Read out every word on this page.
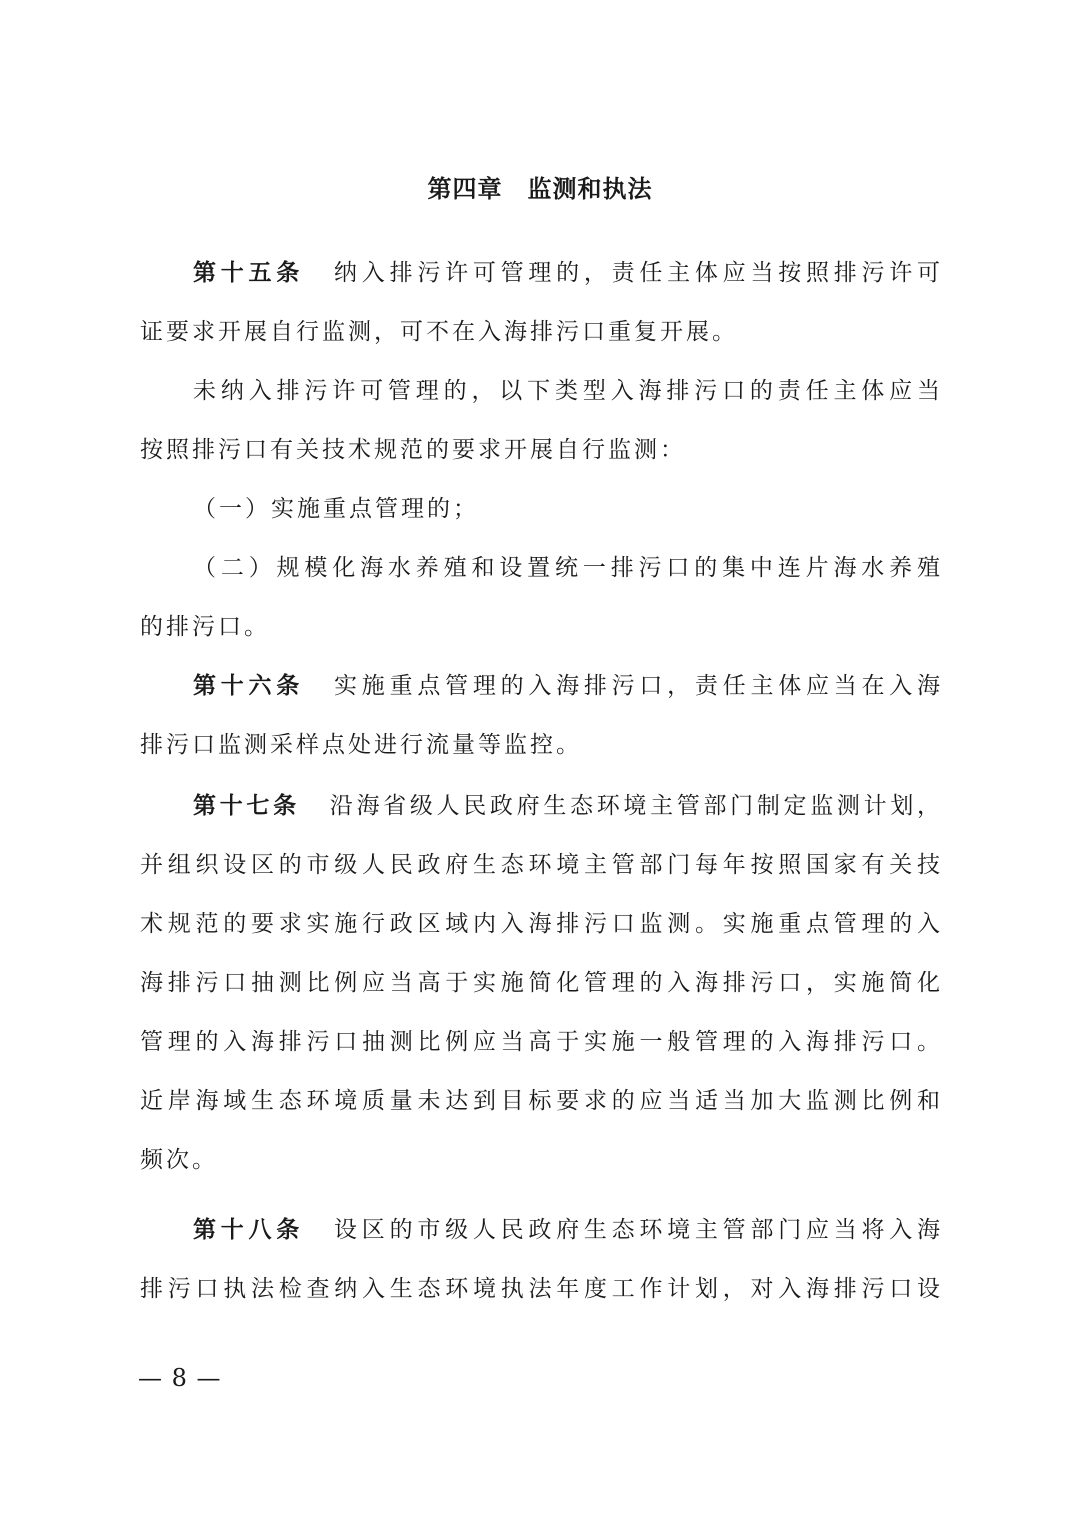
第四章　监测和执法
第十五条 纳入排污许可管理的，责任主体应当按照排污许可
证要求开展自行监测，可不在入海排污口重复开展。
未纳入排污许可管理的，以下类型入海排污口的责任主体应当
按照排污口有关技术规范的要求开展自行监测：
（一）实施重点管理的；
（二）规模化海水养殖和设置统一排污口的集中连片海水养殖
的排污口。
第十六条 实施重点管理的入海排污口，责任主体应当在入海
排污口监测采样点处进行流量等监控。
第十七条 沿海省级人民政府生态环境主管部门制定监测计划，
并组织设区的市级人民政府生态环境主管部门每年按照国家有关技
术规范的要求实施行政区域内入海排污口监测。实施重点管理的入
海排污口抽测比例应当高于实施简化管理的入海排污口，实施简化
管理的入海排污口抽测比例应当高于实施一般管理的入海排污口。
近岸海域生态环境质量未达到目标要求的应当适当加大监测比例和
频次。
第十八条 设区的市级人民政府生态环境主管部门应当将入海
排污口执法检查纳入生态环境执法年度工作计划，对入海排污口设
— 8 —
